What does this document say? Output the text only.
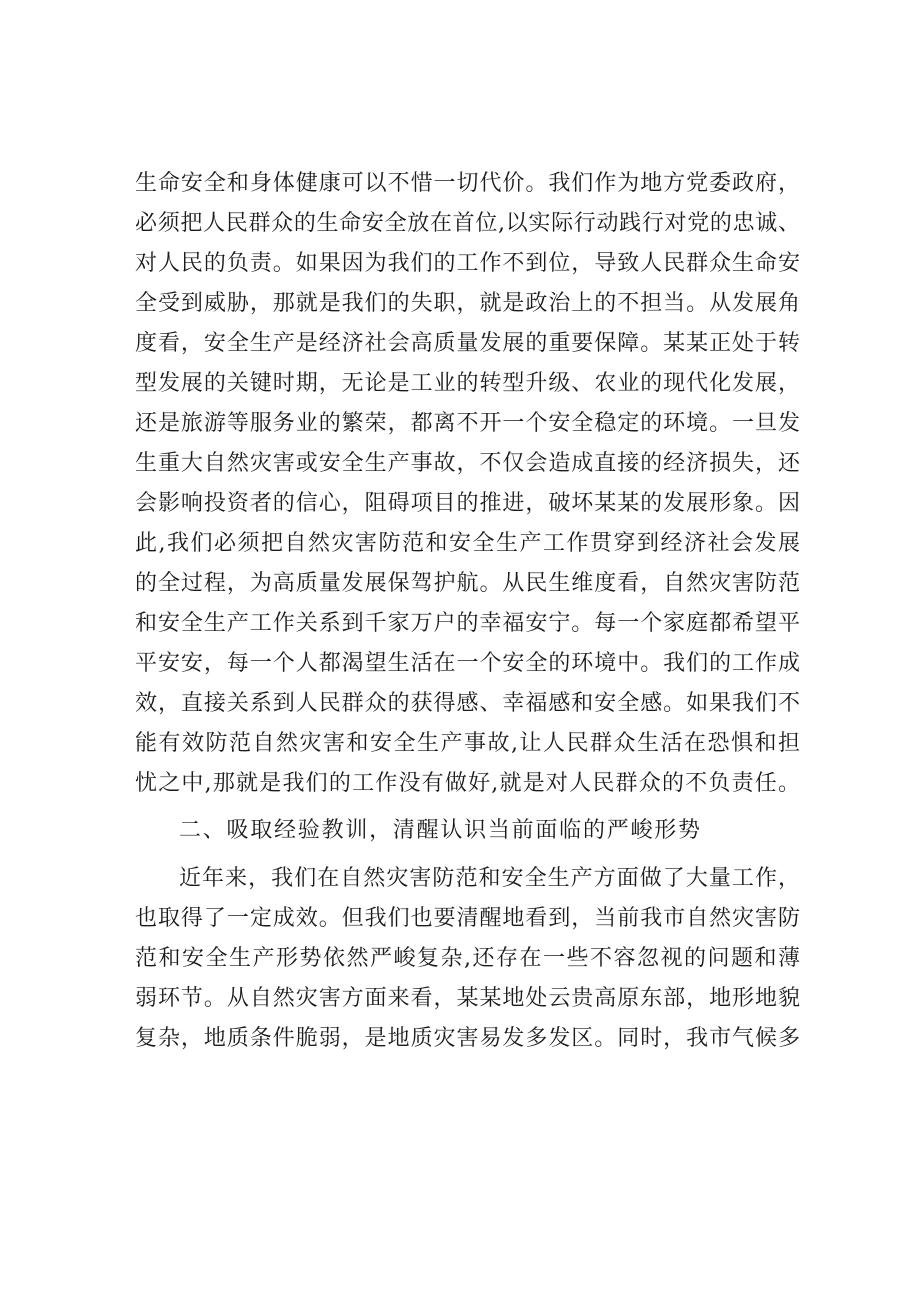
生命安全和身体健康可以不惜一切代价。我们作为地方党委政府，
必须把人民群众的生命安全放在首位,以实际行动践行对党的忠诚、
对人民的负责。如果因为我们的工作不到位，导致人民群众生命安
全受到威胁，那就是我们的失职，就是政治上的不担当。从发展角
度看，安全生产是经济社会高质量发展的重要保障。某某正处于转
型发展的关键时期，无论是工业的转型升级、农业的现代化发展，
还是旅游等服务业的繁荣，都离不开一个安全稳定的环境。一旦发
生重大自然灾害或安全生产事故，不仅会造成直接的经济损失，还
会影响投资者的信心，阻碍项目的推进，破坏某某的发展形象。因
此,我们必须把自然灾害防范和安全生产工作贯穿到经济社会发展
的全过程，为高质量发展保驾护航。从民生维度看，自然灾害防范
和安全生产工作关系到千家万户的幸福安宁。每一个家庭都希望平
平安安，每一个人都渴望生活在一个安全的环境中。我们的工作成
效，直接关系到人民群众的获得感、幸福感和安全感。如果我们不
能有效防范自然灾害和安全生产事故,让人民群众生活在恐惧和担
忧之中,那就是我们的工作没有做好,就是对人民群众的不负责任。
二、吸取经验教训，清醒认识当前面临的严峻形势
近年来，我们在自然灾害防范和安全生产方面做了大量工作，
也取得了一定成效。但我们也要清醒地看到，当前我市自然灾害防
范和安全生产形势依然严峻复杂,还存在一些不容忽视的问题和薄
弱环节。从自然灾害方面来看，某某地处云贵高原东部，地形地貌
复杂，地质条件脆弱，是地质灾害易发多发区。同时，我市气候多
